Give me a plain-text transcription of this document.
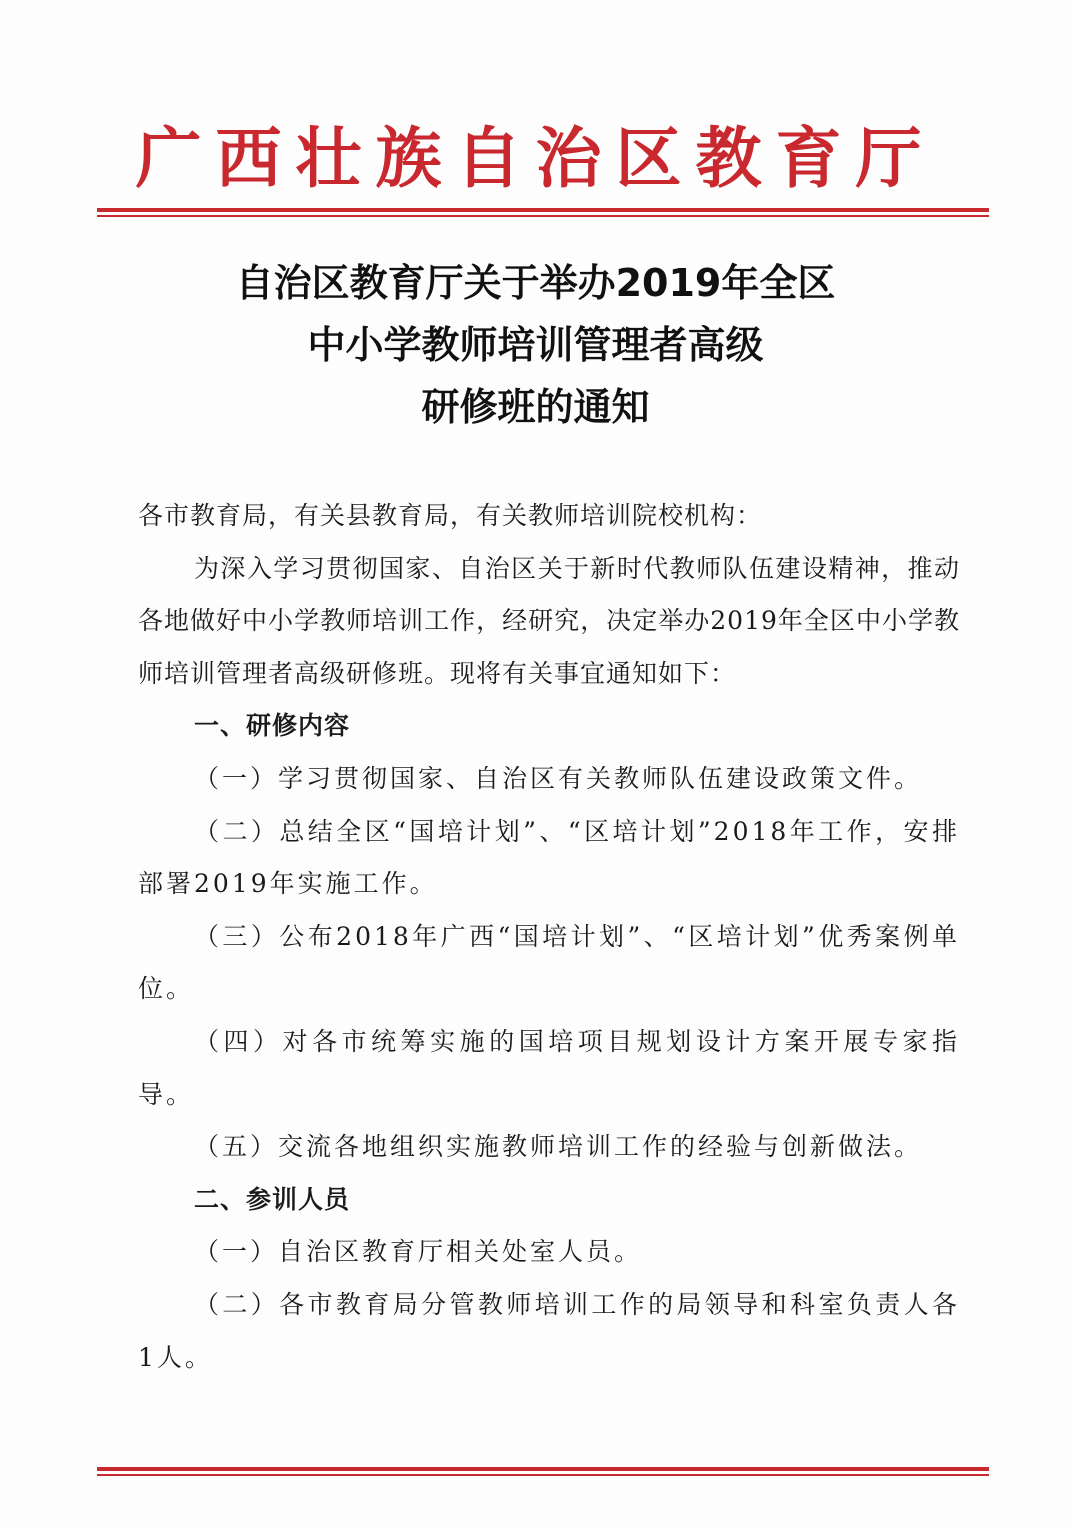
广西壮族自治区教育厅
自治区教育厅关于举办2019年全区
中小学教师培训管理者高级
研修班的通知

各市教育局，有关县教育局，有关教师培训院校机构：

为深入学习贯彻国家、自治区关于新时代教师队伍建设精神，推动各地做好中小学教师培训工作，经研究，决定举办2019年全区中小学教师培训管理者高级研修班。现将有关事宜通知如下：

一、研修内容

（一）学习贯彻国家、自治区有关教师队伍建设政策文件。

（二）总结全区“国培计划”、“区培计划”2018年工作，安排部署2019年实施工作。

（三）公布2018年广西“国培计划”、“区培计划”优秀案例单位。

（四）对各市统筹实施的国培项目规划设计方案开展专家指导。

（五）交流各地组织实施教师培训工作的经验与创新做法。

二、参训人员

（一）自治区教育厅相关处室人员。

（二）各市教育局分管教师培训工作的局领导和科室负责人各1人。
